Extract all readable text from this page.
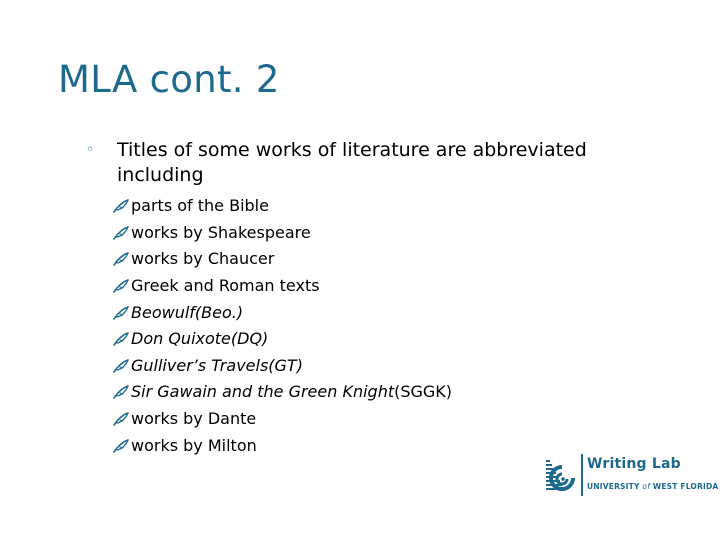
MLA cont. 2
◦ Titles of some works of literature are abbreviated including
parts of the Bible
works by Shakespeare
works by Chaucer
Greek and Roman texts
Beowulf (Beo.)
Don Quixote (DQ)
Gulliver’s Travels (GT)
Sir Gawain and the Green Knight (SGGK)
works by Dante
works by Milton
Writing Lab
UNIVERSITY of WEST FLORIDA
